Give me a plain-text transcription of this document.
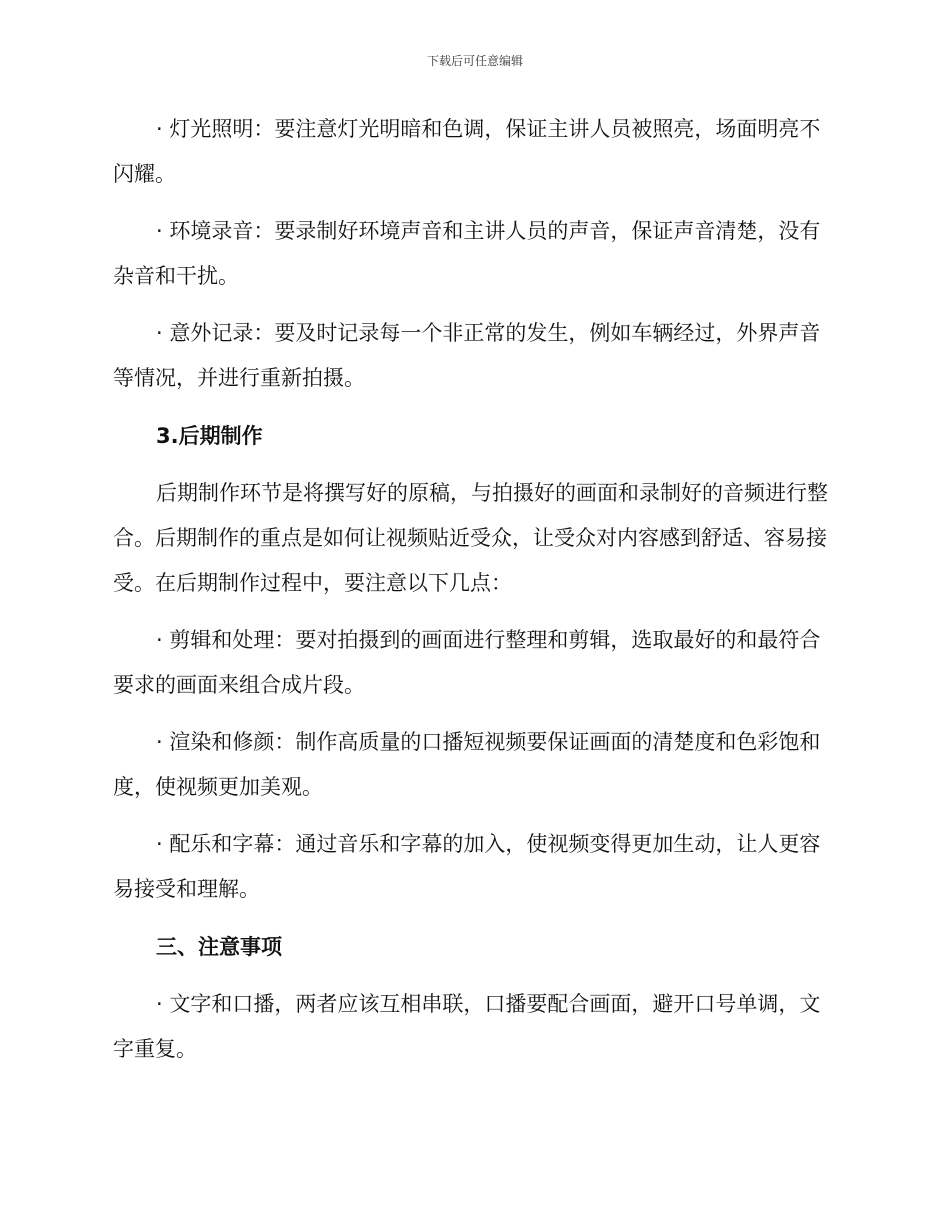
下载后可任意编辑

· 灯光照明：要注意灯光明暗和色调，保证主讲人员被照亮，场面明亮不闪耀。

· 环境录音：要录制好环境声音和主讲人员的声音，保证声音清楚，没有杂音和干扰。

· 意外记录：要及时记录每一个非正常的发生，例如车辆经过，外界声音等情况，并进行重新拍摄。

3.后期制作

后期制作环节是将撰写好的原稿，与拍摄好的画面和录制好的音频进行整合。后期制作的重点是如何让视频贴近受众，让受众对内容感到舒适、容易接受。在后期制作过程中，要注意以下几点：

· 剪辑和处理：要对拍摄到的画面进行整理和剪辑，选取最好的和最符合要求的画面来组合成片段。

· 渲染和修颜：制作高质量的口播短视频要保证画面的清楚度和色彩饱和度，使视频更加美观。

· 配乐和字幕：通过音乐和字幕的加入，使视频变得更加生动，让人更容易接受和理解。

三、注意事项

· 文字和口播，两者应该互相串联，口播要配合画面，避开口号单调，文字重复。
